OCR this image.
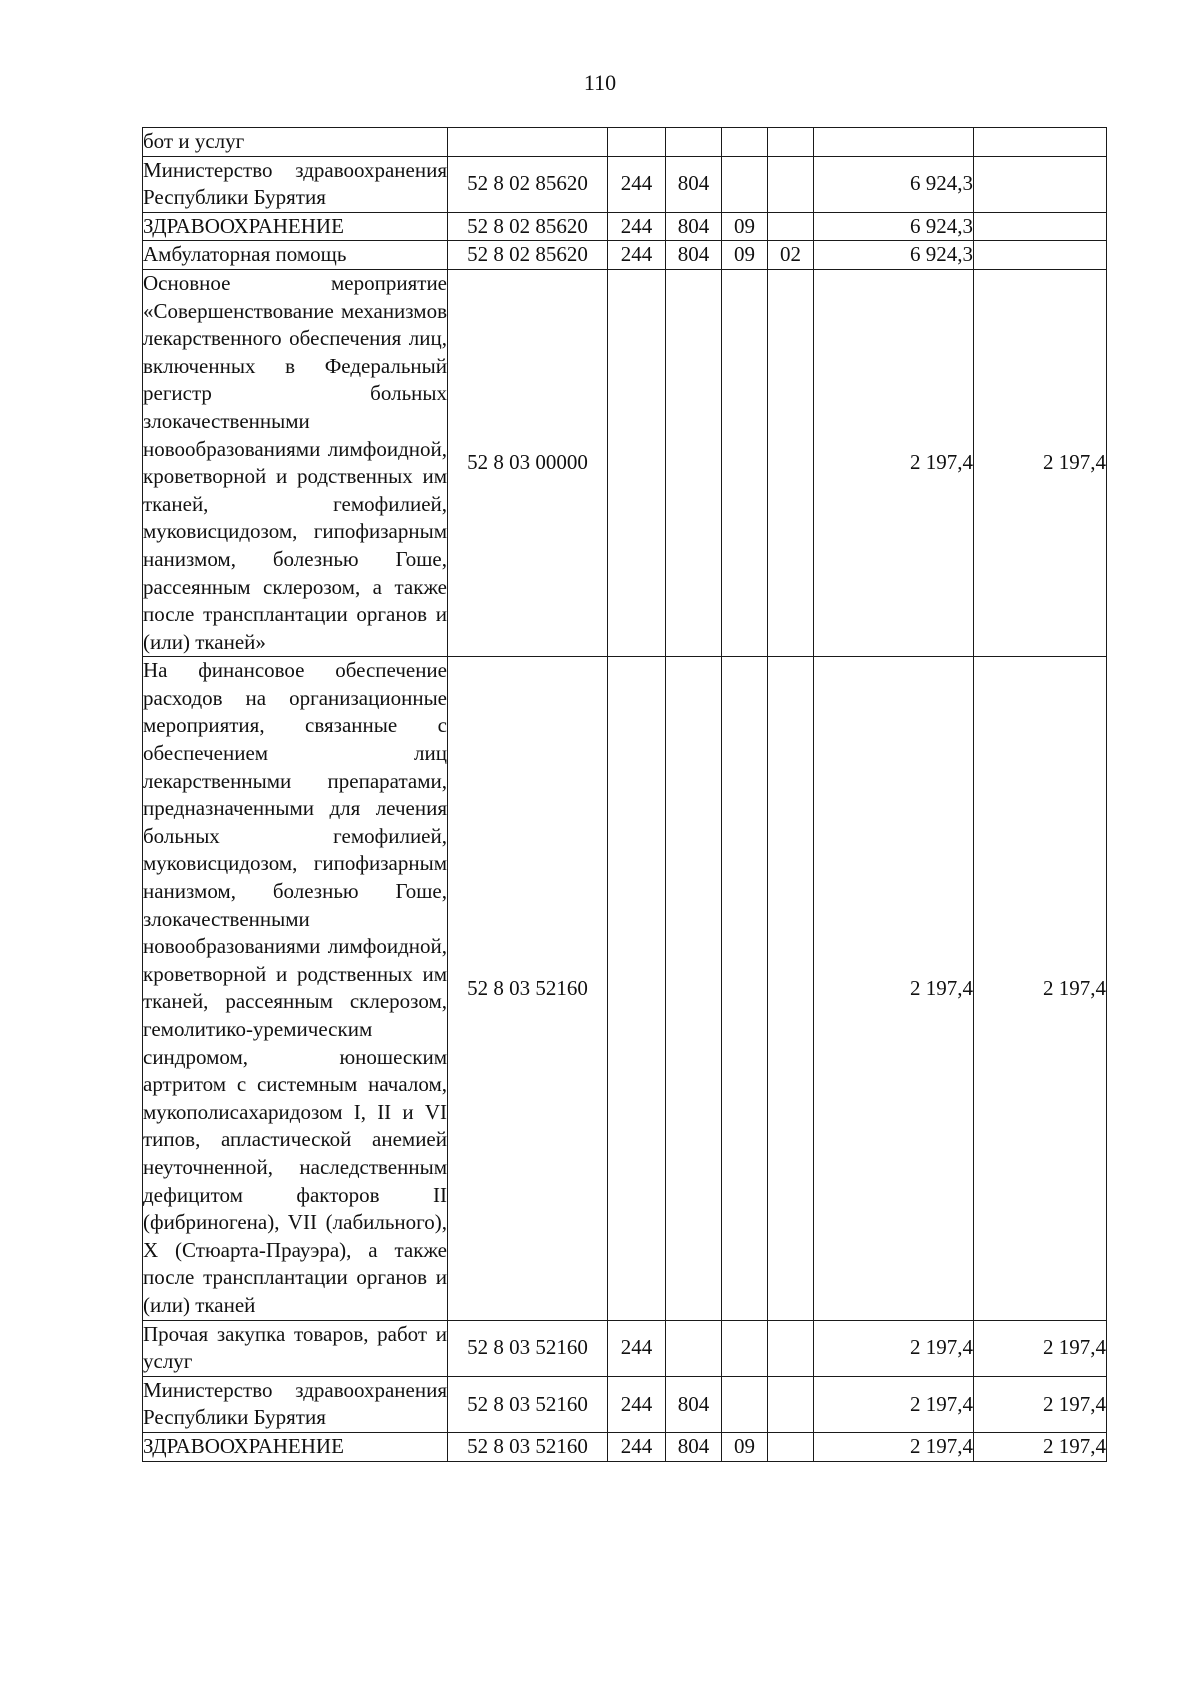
110
бот и услуг							
Министерство здравоохранения Республики Бурятия	52 8 02 85620	244	804			6 924,3	
ЗДРАВООХРАНЕНИЕ	52 8 02 85620	244	804	09		6 924,3	
Амбулаторная помощь	52 8 02 85620	244	804	09	02	6 924,3	
Основное мероприятие «Совершенствование механизмов лекарственного обеспечения лиц, включенных в Федеральный регистр больных злокачественными новообразованиями лимфоидной, кроветворной и родственных им тканей, гемофилией, муковисцидозом, гипофизарным нанизмом, болезнью Гоше, рассеянным склерозом, а также после трансплантации органов и (или) тканей»	52 8 03 00000					2 197,4	2 197,4
На финансовое обеспечение расходов на организационные мероприятия, связанные с обеспечением лиц лекарственными препаратами, предназначенными для лечения больных гемофилией, муковисцидозом, гипофизарным нанизмом, болезнью Гоше, злокачественными новообразованиями лимфоидной, кроветворной и родственных им тканей, рассеянным склерозом, гемолитико-уремическим синдромом, юношеским артритом с системным началом, мукополисахаридозом I, II и VI типов, апластической анемией неуточненной, наследственным дефицитом факторов II (фибриногена), VII (лабильного), X (Стюарта-Прауэра), а также после трансплантации органов и (или) тканей	52 8 03 52160					2 197,4	2 197,4
Прочая закупка товаров, работ и услуг	52 8 03 52160	244				2 197,4	2 197,4
Министерство здравоохранения Республики Бурятия	52 8 03 52160	244	804			2 197,4	2 197,4
ЗДРАВООХРАНЕНИЕ	52 8 03 52160	244	804	09		2 197,4	2 197,4
